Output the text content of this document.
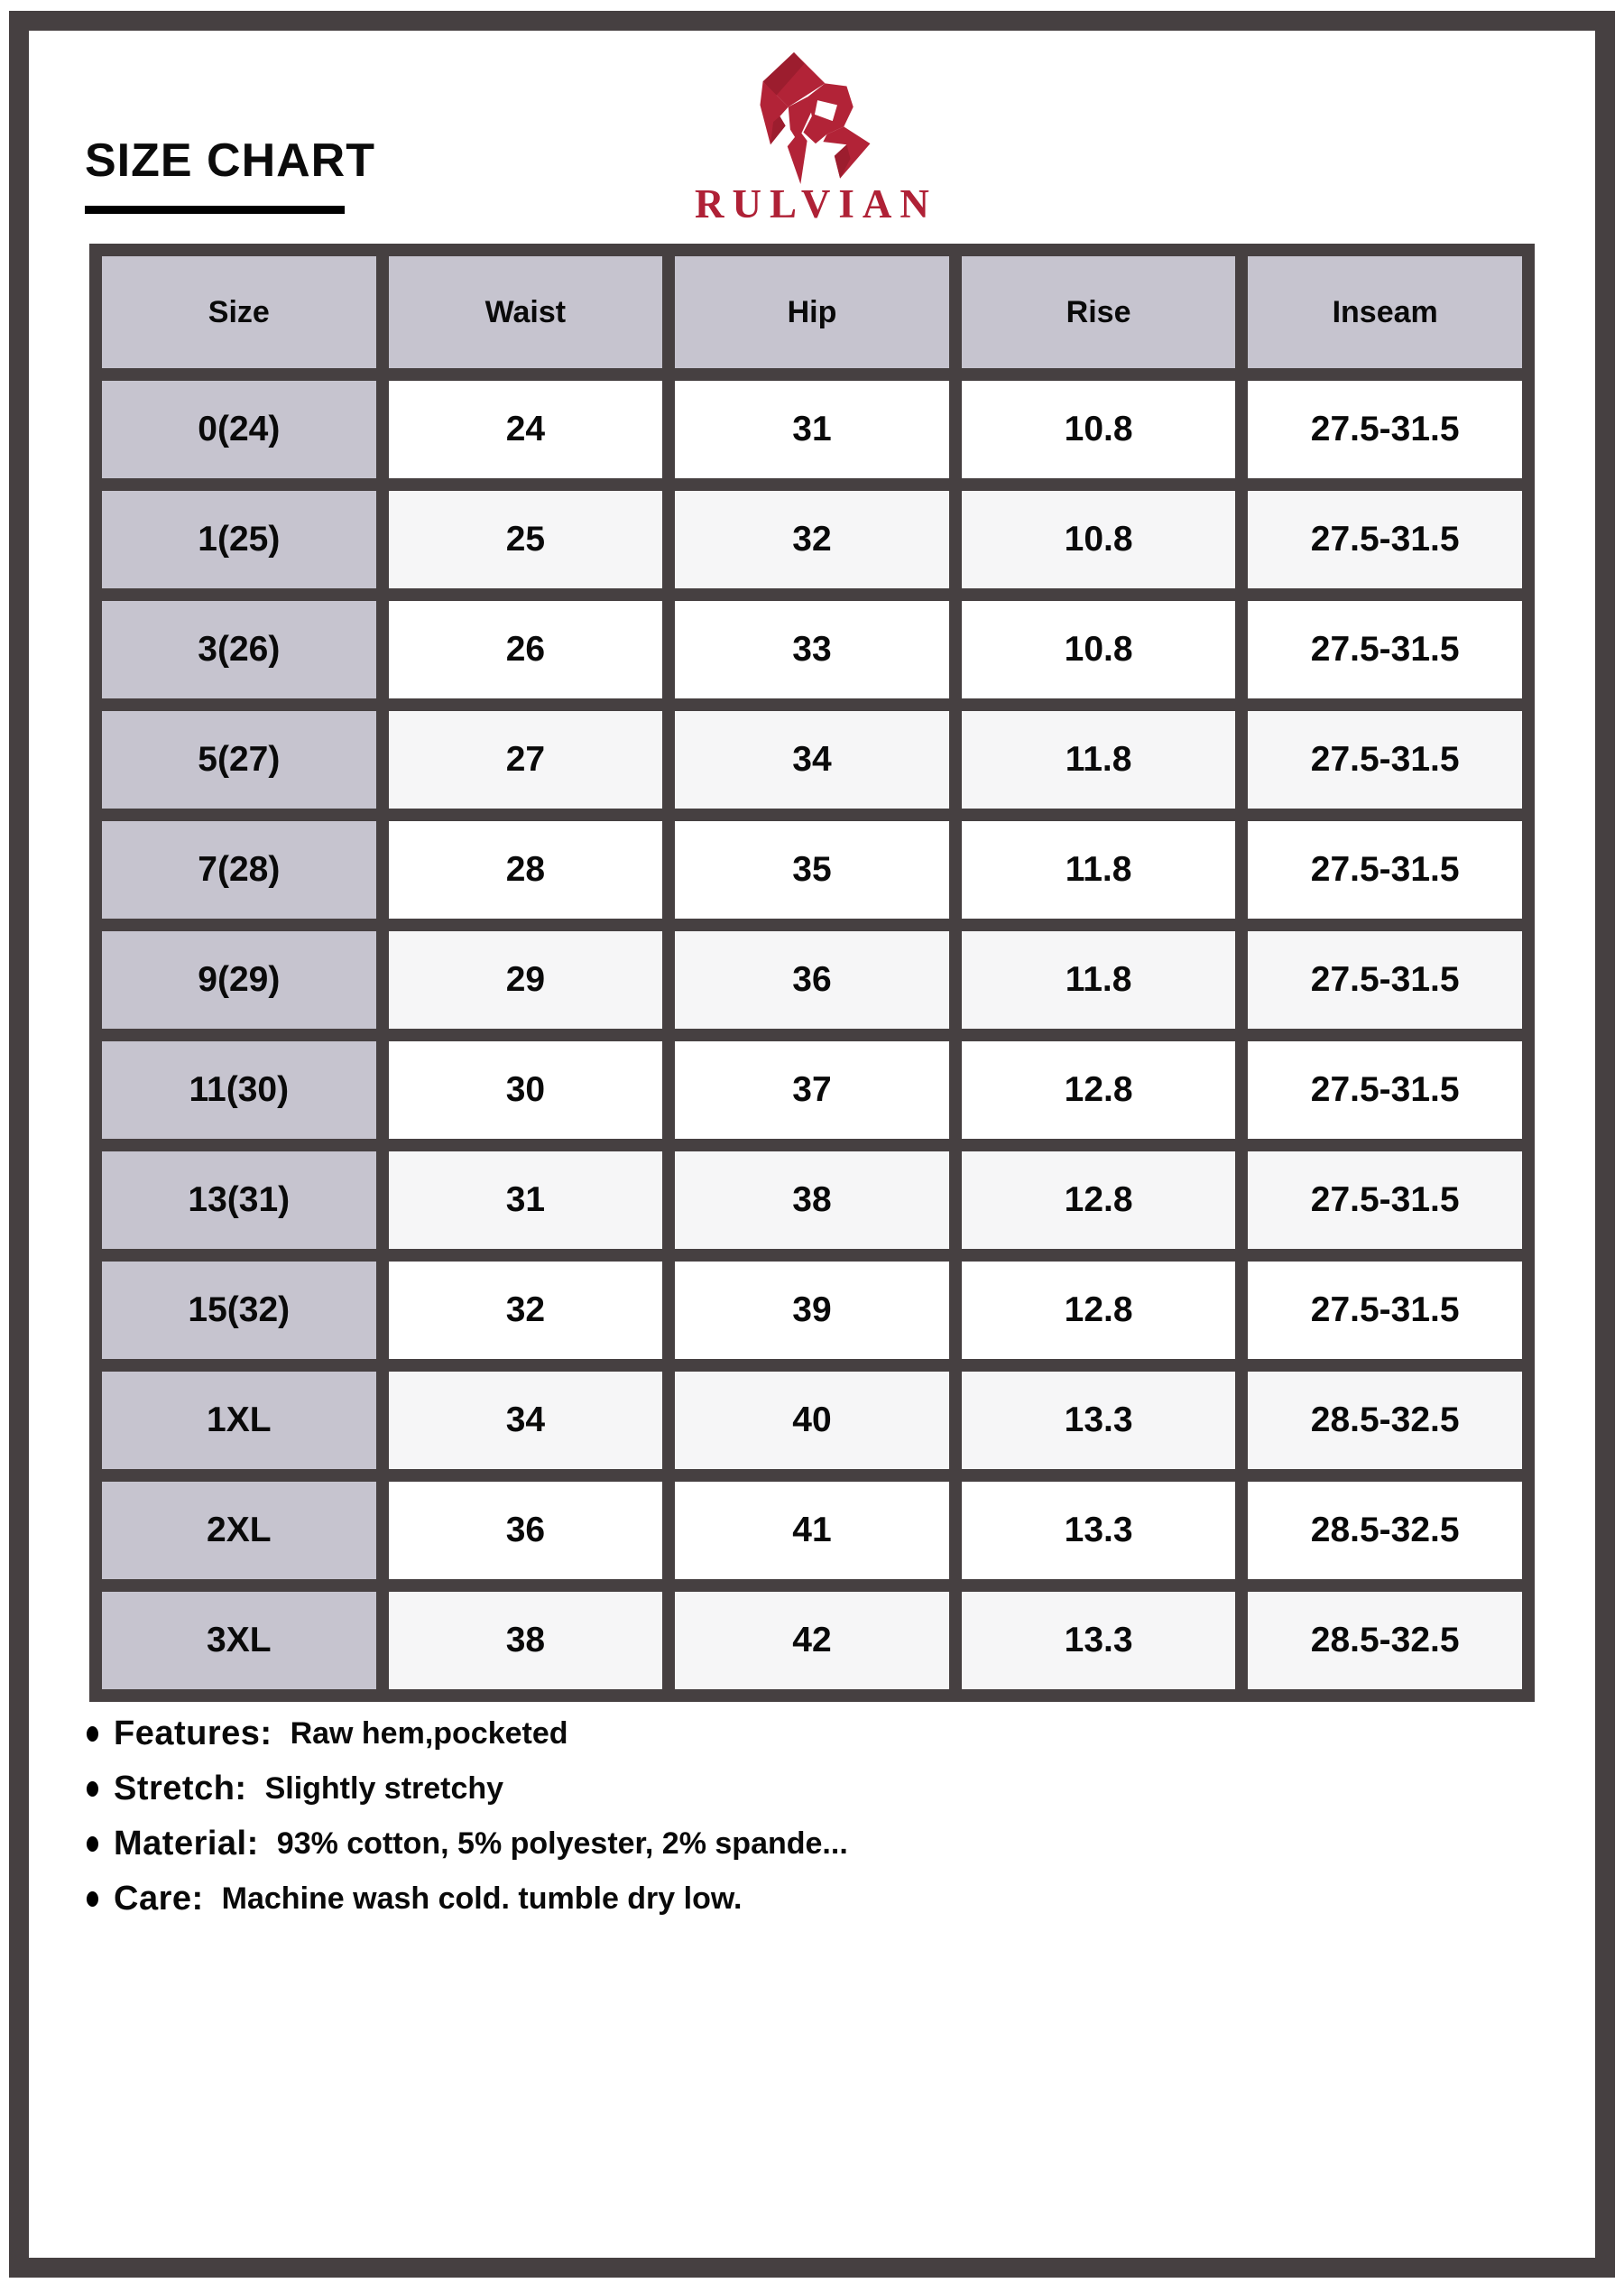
SIZE CHART
RULVIAN
Size	Waist	Hip	Rise	Inseam
0(24)	24	31	10.8	27.5-31.5
1(25)	25	32	10.8	27.5-31.5
3(26)	26	33	10.8	27.5-31.5
5(27)	27	34	11.8	27.5-31.5
7(28)	28	35	11.8	27.5-31.5
9(29)	29	36	11.8	27.5-31.5
11(30)	30	37	12.8	27.5-31.5
13(31)	31	38	12.8	27.5-31.5
15(32)	32	39	12.8	27.5-31.5
1XL	34	40	13.3	28.5-32.5
2XL	36	41	13.3	28.5-32.5
3XL	38	42	13.3	28.5-32.5
Features: Raw hem,pocketed
Stretch: Slightly stretchy
Material: 93% cotton, 5% polyester, 2% spande...
Care: Machine wash cold. tumble dry low.
